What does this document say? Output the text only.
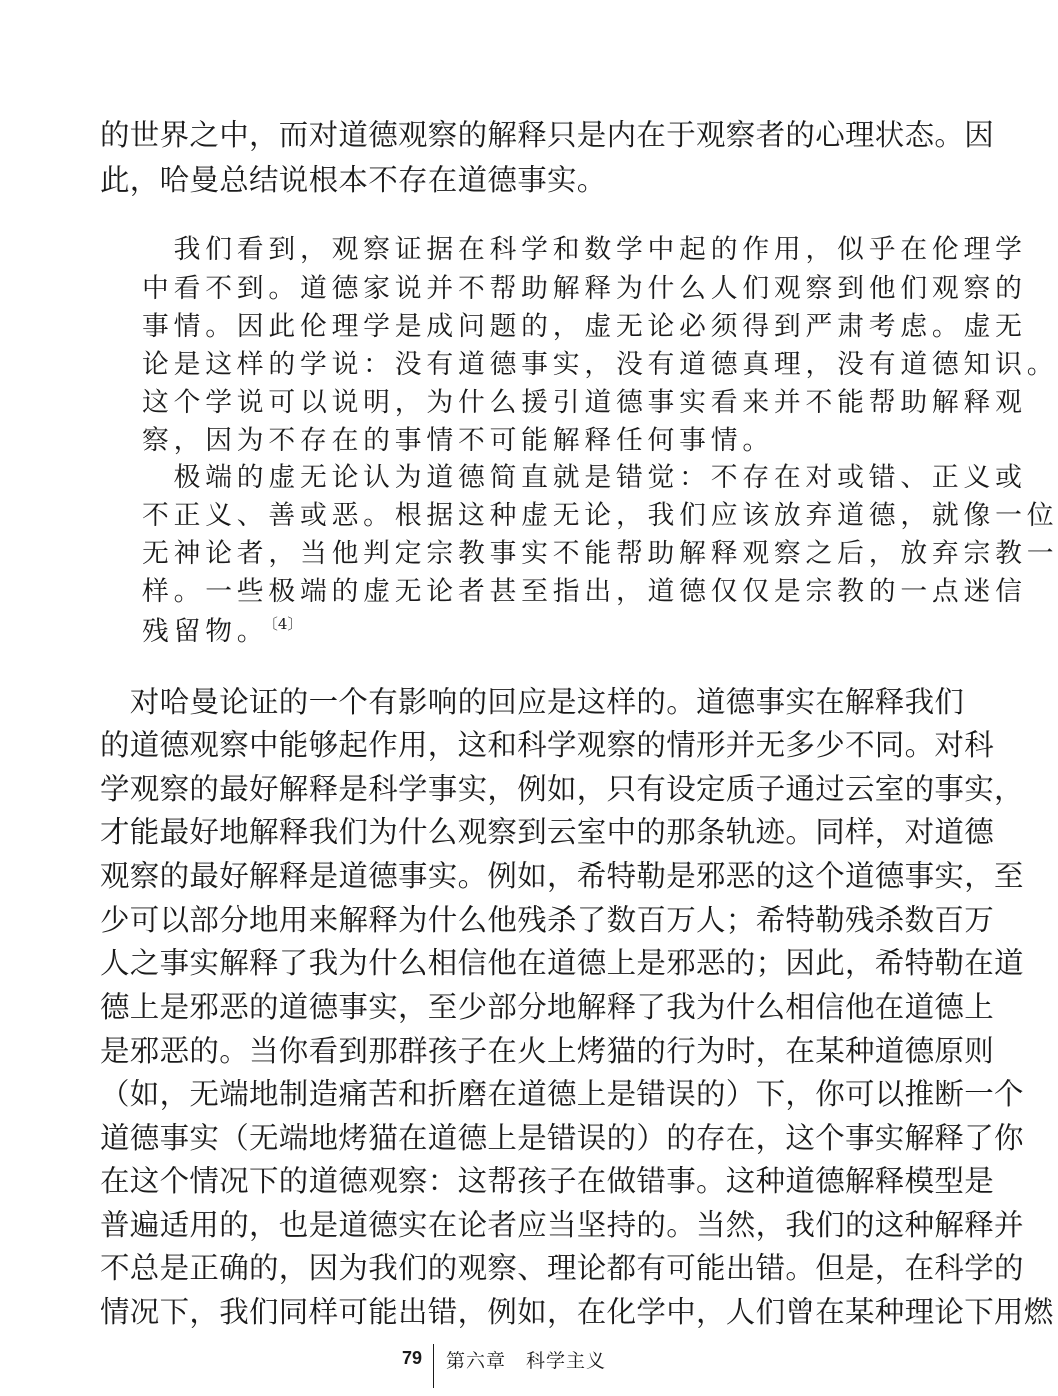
的世界之中，而对道德观察的解释只是内在于观察者的心理状态。因
此，哈曼总结说根本不存在道德事实。
　我们看到，观察证据在科学和数学中起的作用，似乎在伦理学
中看不到。道德家说并不帮助解释为什么人们观察到他们观察的
事情。因此伦理学是成问题的，虚无论必须得到严肃考虑。虚无
论是这样的学说：没有道德事实，没有道德真理，没有道德知识。
这个学说可以说明，为什么援引道德事实看来并不能帮助解释观
察，因为不存在的事情不可能解释任何事情。
　极端的虚无论认为道德简直就是错觉：不存在对或错、正义或
不正义、善或恶。根据这种虚无论，我们应该放弃道德，就像一位
无神论者，当他判定宗教事实不能帮助解释观察之后，放弃宗教一
样。一些极端的虚无论者甚至指出，道德仅仅是宗教的一点迷信
残留物。 $^{〔4〕}$
　对哈曼论证的一个有影响的回应是这样的。道德事实在解释我们
的道德观察中能够起作用，这和科学观察的情形并无多少不同。对科
学观察的最好解释是科学事实，例如，只有设定质子通过云室的事实，
才能最好地解释我们为什么观察到云室中的那条轨迹。同样，对道德
观察的最好解释是道德事实。例如，希特勒是邪恶的这个道德事实，至
少可以部分地用来解释为什么他残杀了数百万人；希特勒残杀数百万
人之事实解释了我为什么相信他在道德上是邪恶的；因此，希特勒在道
德上是邪恶的道德事实，至少部分地解释了我为什么相信他在道德上
是邪恶的。当你看到那群孩子在火上烤猫的行为时，在某种道德原则
（如，无端地制造痛苦和折磨在道德上是错误的）下，你可以推断一个
道德事实（无端地烤猫在道德上是错误的）的存在，这个事实解释了你
在这个情况下的道德观察：这帮孩子在做错事。这种道德解释模型是
普遍适用的，也是道德实在论者应当坚持的。当然，我们的这种解释并
不总是正确的，因为我们的观察、理论都有可能出错。但是，在科学的
情况下，我们同样可能出错，例如，在化学中，人们曾在某种理论下用燃
79 第六章　科学主义
